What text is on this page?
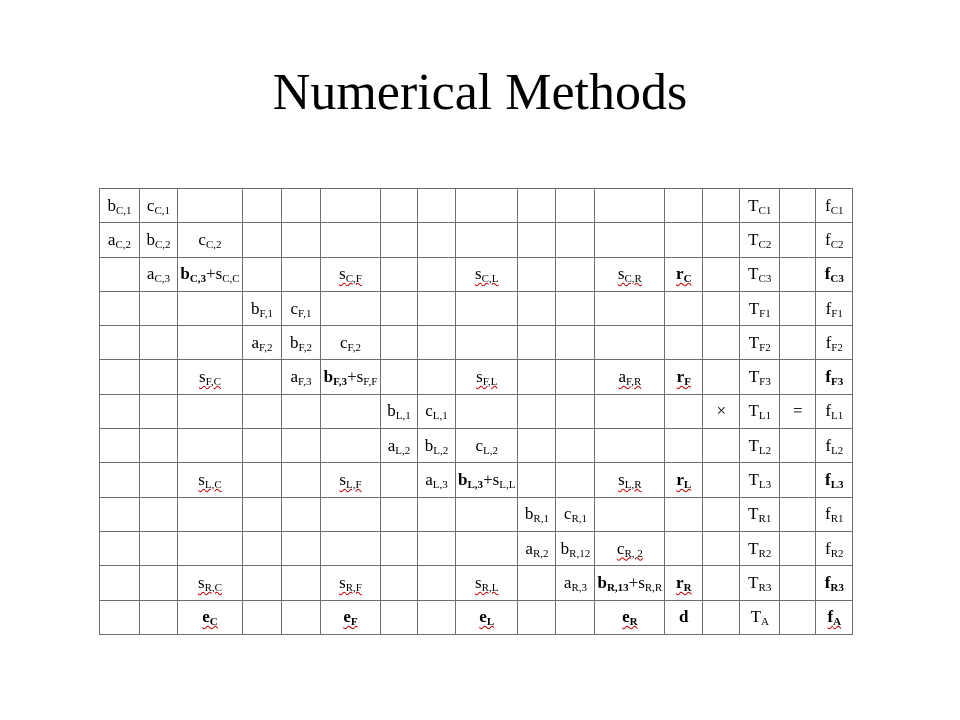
Numerical Methods
$b_{C,1}$	$c_{C,1}$													$T_{C1}$		$f_{C1}$
$a_{C,2}$	$b_{C,2}$	$c_{C,2}$												$T_{C2}$		$f_{C2}$
	$a_{C,3}$	$b_{C,3}+s_{C,C}$			$s_{C,F}$			$s_{C,L}$			$s_{C,R}$	$r_C$		$T_{C3}$		$f_{C3}$
			$b_{F,1}$	$c_{F,1}$										$T_{F1}$		$f_{F1}$
			$a_{F,2}$	$b_{F,2}$	$c_{F,2}$									$T_{F2}$		$f_{F2}$
		$s_{F,C}$		$a_{F,3}$	$b_{F,3}+s_{F,F}$			$s_{F,L}$			$a_{F,R}$	$r_F$		$T_{F3}$		$f_{F3}$
						$b_{L,1}$	$c_{L,1}$						×	$T_{L1}$	=	$f_{L1}$
						$a_{L,2}$	$b_{L,2}$	$c_{L,2}$						$T_{L2}$		$f_{L2}$
		$s_{L,C}$			$s_{L,F}$		$a_{L,3}$	$b_{L,3}+s_{L,L}$			$s_{L,R}$	$r_L$		$T_{L3}$		$f_{L3}$
									$b_{R,1}$	$c_{R,1}$				$T_{R1}$		$f_{R1}$
									$a_{R,2}$	$b_{R,12}$	$c_{R, 2}$			$T_{R2}$		$f_{R2}$
		$s_{R,C}$			$s_{R,F}$			$s_{R,L}$		$a_{R,3}$	$b_{R,13}+s_{R,R}$	$r_R$		$T_{R3}$		$f_{R3}$
		$e_C$			$e_F$			$e_L$			$e_R$	d		$T_A$		$f_A$
